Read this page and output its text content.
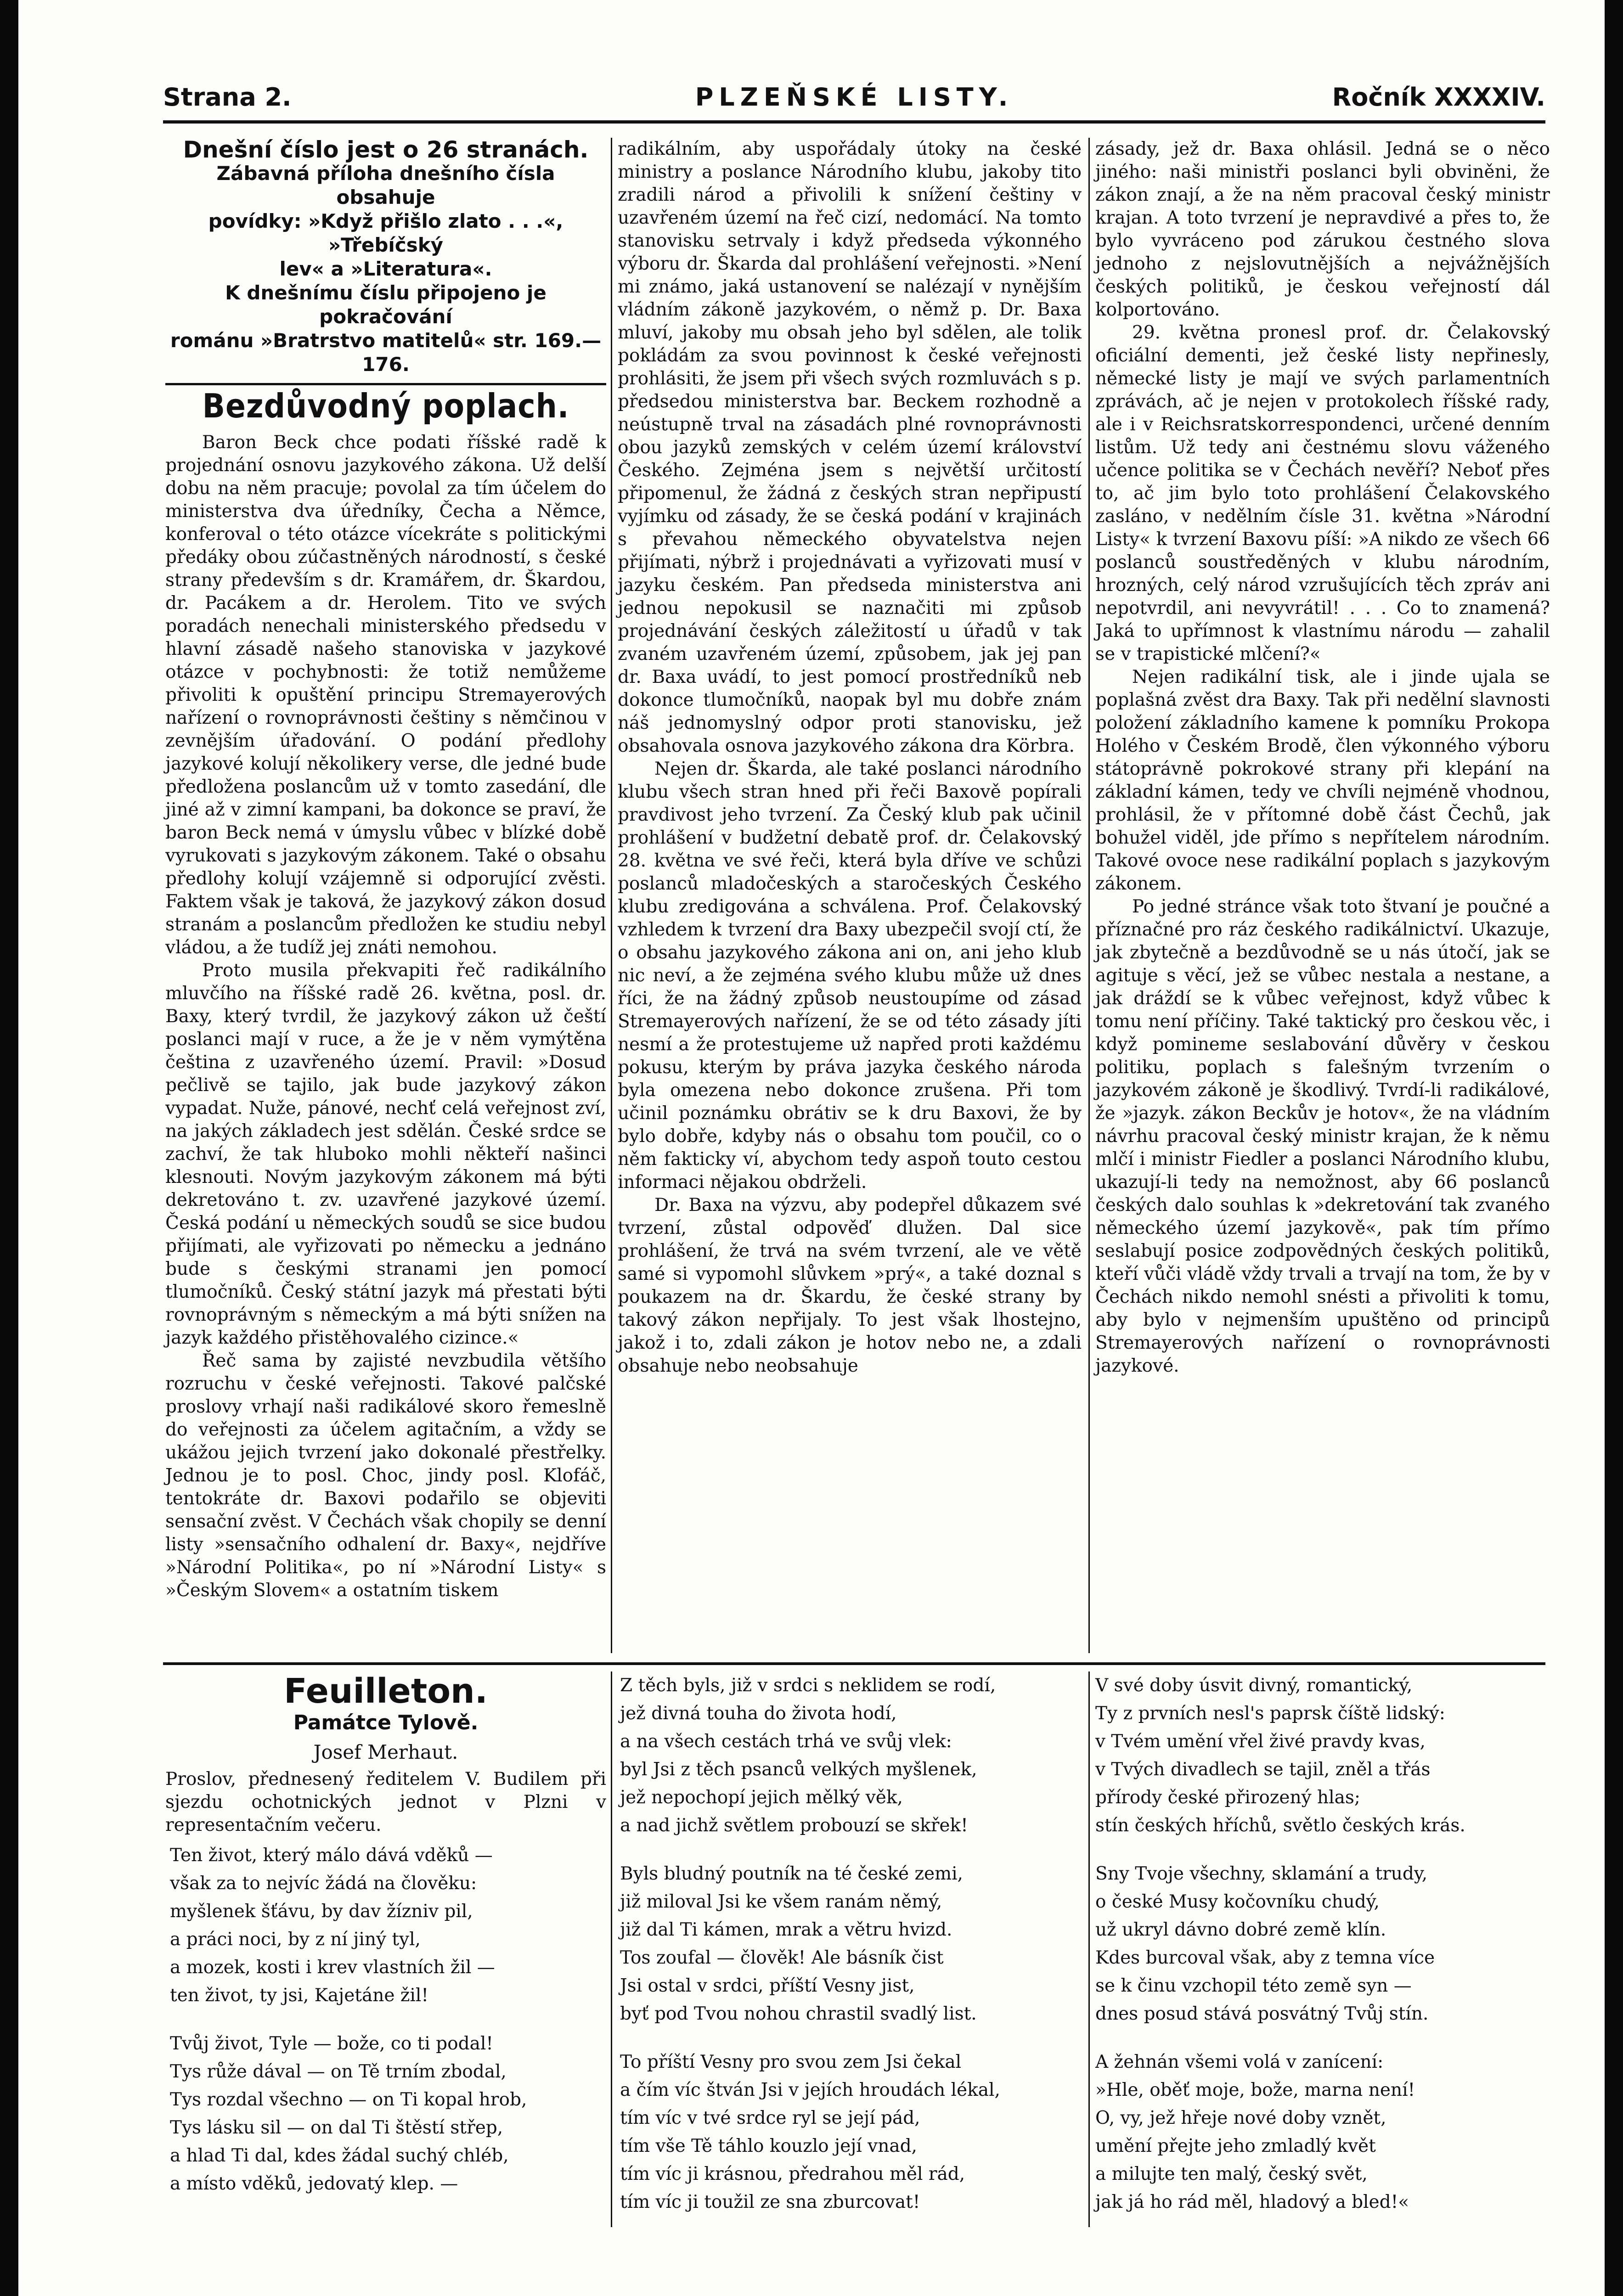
Strana 2.	PLZEŇSKÉ LISTY.	Ročník XXXXIV.
Dnešní číslo jest o 26 stranách.
Zábavná příloha dnešního čísla obsahuje
povídky: »Když přišlo zlato . . .«, »Třebíčský
lev« a »Literatura«.
K dnešnímu číslu připojeno je pokračování
románu »Bratrstvo matitelů« str. 169.—176.
Bezdůvodný poplach.

Baron Beck chce podati říšské radě k projednání osnovu jazykového zákona. Už delší dobu na něm pracuje; povolal za tím účelem do ministerstva dva úředníky, Čecha a Němce, konferoval o této otázce vícekráte s politickými předáky obou zúčastněných národností, s české strany především s dr. Kramářem, dr. Škardou, dr. Pacákem a dr. Herolem. Tito ve svých poradách nenechali ministerského předsedu v hlavní zásadě našeho stanoviska v jazykové otázce v pochybnosti: že totiž nemůžeme přivoliti k opuštění principu Stremayerových nařízení o rovnoprávnosti češtiny s němčinou v zevnějším úřadování. O podání předlohy jazykové kolují několikery verse, dle jedné bude předložena poslancům už v tomto zasedání, dle jiné až v zimní kampani, ba dokonce se praví, že baron Beck nemá v úmyslu vůbec v blízké době vyrukovati s jazykovým zákonem. Také o obsahu předlohy kolují vzájemně si odporující zvěsti. Faktem však je taková, že jazykový zákon dosud stranám a poslancům předložen ke studiu nebyl vládou, a že tudíž jej znáti nemohou.

Proto musila překvapiti řeč radikálního mluvčího na říšské radě 26. května, posl. dr. Baxy, který tvrdil, že jazykový zákon už čeští poslanci mají v ruce, a že je v něm vymýtěna čeština z uzavřeného území. Pravil: »Dosud pečlivě se tajilo, jak bude jazykový zákon vypadat. Nuže, pánové, nechť celá veřejnost zví, na jakých základech jest sdělán. České srdce se zachví, že tak hluboko mohli někteří našinci klesnouti. Novým jazykovým zákonem má býti dekretováno t. zv. uzavřené jazykové území. Česká podání u německých soudů se sice budou přijímati, ale vyřizovati po německu a jednáno bude s českými stranami jen pomocí tlumočníků. Český státní jazyk má přestati býti rovnoprávným s německým a má býti snížen na jazyk každého přistěhovalého cizince.«

Řeč sama by zajisté nevzbudila většího rozruchu v české veřejnosti. Takové palčské proslovy vrhají naši radikálové skoro řemeslně do veřejnosti za účelem agitačním, a vždy se ukážou jejich tvrzení jako dokonalé přestřelky. Jednou je to posl. Choc, jindy posl. Klofáč, tentokráte dr. Baxovi podařilo se objeviti sensační zvěst. V Čechách však chopily se denní listy »sensačního odhalení dr. Baxy«, nejdříve »Národní Politika«, po ní »Národní Listy« s »Českým Slovem« a ostatním tiskem

radikálním, aby uspořádaly útoky na české ministry a poslance Národního klubu, jakoby tito zradili národ a přivolili k snížení češtiny v uzavřeném území na řeč cizí, nedomácí. Na tomto stanovisku setrvaly i když předseda výkonného výboru dr. Škarda dal prohlášení veřejnosti. »Není mi známo, jaká ustanovení se nalézají v nynějším vládním zákoně jazykovém, o němž p. Dr. Baxa mluví, jakoby mu obsah jeho byl sdělen, ale tolik pokládám za svou povinnost k české veřejnosti prohlásiti, že jsem při všech svých rozmluvách s p. předsedou ministerstva bar. Beckem rozhodně a neústupně trval na zásadách plné rovnoprávnosti obou jazyků zemských v celém území království Českého. Zejména jsem s největší určitostí připomenul, že žádná z českých stran nepřipustí vyjímku od zásady, že se česká podání v krajinách s převahou německého obyvatelstva nejen přijímati, nýbrž i projednávati a vyřizovati musí v jazyku českém. Pan předseda ministerstva ani jednou nepokusil se naznačiti mi způsob projednávání českých záležitostí u úřadů v tak zvaném uzavřeném území, způsobem, jak jej pan dr. Baxa uvádí, to jest pomocí prostředníků neb dokonce tlumočníků, naopak byl mu dobře znám náš jednomyslný odpor proti stanovisku, jež obsahovala osnova jazykového zákona dra Körbra.

Nejen dr. Škarda, ale také poslanci národního klubu všech stran hned při řeči Baxově popírali pravdivost jeho tvrzení. Za Český klub pak učinil prohlášení v budžetní debatě prof. dr. Čelakovský 28. května ve své řeči, která byla dříve ve schůzi poslanců mladočeských a staročeských Českého klubu zredigována a schválena. Prof. Čelakovský vzhledem k tvrzení dra Baxy ubezpečil svojí ctí, že o obsahu jazykového zákona ani on, ani jeho klub nic neví, a že zejména svého klubu může už dnes říci, že na žádný způsob neustoupíme od zásad Stremayerových nařízení, že se od této zásady jíti nesmí a že protestujeme už napřed proti každému pokusu, kterým by práva jazyka českého národa byla omezena nebo dokonce zrušena. Při tom učinil poznámku obrátiv se k dru Baxovi, že by bylo dobře, kdyby nás o obsahu tom poučil, co o něm fakticky ví, abychom tedy aspoň touto cestou informaci nějakou obdrželi.

Dr. Baxa na výzvu, aby podepřel důkazem své tvrzení, zůstal odpověď dlužen. Dal sice prohlášení, že trvá na svém tvrzení, ale ve větě samé si vypomohl slůvkem »prý«, a také doznal s poukazem na dr. Škardu, že české strany by takový zákon nepřijaly. To jest však lhostejno, jakož i to, zdali zákon je hotov nebo ne, a zdali obsahuje nebo neobsahuje

zásady, jež dr. Baxa ohlásil. Jedná se o něco jiného: naši ministři poslanci byli obviněni, že zákon znají, a že na něm pracoval český ministr krajan. A toto tvrzení je nepravdivé a přes to, že bylo vyvráceno pod zárukou čestného slova jednoho z nejslovutnějších a nejvážnějších českých politiků, je českou veřejností dál kolportováno.

29. května pronesl prof. dr. Čelakovský oficiální dementi, jež české listy nepřinesly, německé listy je mají ve svých parlamentních zprávách, ač je nejen v protokolech říšské rady, ale i v Reichsratskorrespondenci, určené denním listům. Už tedy ani čestnému slovu váženého učence politika se v Čechách nevěří? Neboť přes to, ač jim bylo toto prohlášení Čelakovského zasláno, v nedělním čísle 31. května »Národní Listy« k tvrzení Baxovu píší: »A nikdo ze všech 66 poslanců soustředěných v klubu národním, hrozných, celý národ vzrušujících těch zpráv ani nepotvrdil, ani nevyvrátil! . . . Co to znamená? Jaká to upřímnost k vlastnímu národu — zahalil se v trapistické mlčení?«

Nejen radikální tisk, ale i jinde ujala se poplašná zvěst dra Baxy. Tak při nedělní slavnosti položení základního kamene k pomníku Prokopa Holého v Českém Brodě, člen výkonného výboru státoprávně pokrokové strany při klepání na základní kámen, tedy ve chvíli nejméně vhodnou, prohlásil, že v přítomné době část Čechů, jak bohužel viděl, jde přímo s nepřítelem národním. Takové ovoce nese radikální poplach s jazykovým zákonem.

Po jedné stránce však toto štvaní je poučné a příznačné pro ráz českého radikálnictví. Ukazuje, jak zbytečně a bezdůvodně se u nás útočí, jak se agituje s věcí, jež se vůbec nestala a nestane, a jak dráždí se k vůbec veřejnost, když vůbec k tomu není příčiny. Také taktický pro českou věc, i když pomineme seslabování důvěry v českou politiku, poplach s falešným tvrzením o jazykovém zákoně je škodlivý. Tvrdí-li radikálové, že »jazyk. zákon Beckův je hotov«, že na vládním návrhu pracoval český ministr krajan, že k němu mlčí i ministr Fiedler a poslanci Národního klubu, ukazují-li tedy na nemožnost, aby 66 poslanců českých dalo souhlas k »dekretování tak zvaného německého území jazykově«, pak tím přímo seslabují posice zodpovědných českých politiků, kteří vůči vládě vždy trvali a trvají na tom, že by v Čechách nikdo nemohl snésti a přivoliti k tomu, aby bylo v nejmenším upuštěno od principů Stremayerových nařízení o rovnoprávnosti jazykové.

Feuilleton.
Památce Tylově.
Josef Merhaut.
Proslov, přednesený ředitelem V. Budilem při sjezdu ochotnických jednot v Plzni v representačním večeru.
Ten život, který málo dává vděků —
však za to nejvíc žádá na člověku:
myšlenek šťávu, by dav žízniv pil,
a práci noci, by z ní jiný tyl,
a mozek, kosti i krev vlastních žil —
ten život, ty jsi, Kajetáne žil!
Tvůj život, Tyle — bože, co ti podal!
Tys růže dával — on Tě trním zbodal,
Tys rozdal všechno — on Ti kopal hrob,
Tys lásku sil — on dal Ti štěstí střep,
a hlad Ti dal, kdes žádal suchý chléb,
a místo vděků, jedovatý klep. —
Z těch byls, již v srdci s neklidem se rodí,
jež divná touha do života hodí,
a na všech cestách trhá ve svůj vlek:
byl Jsi z těch psanců velkých myšlenek,
jež nepochopí jejich mělký věk,
a nad jichž světlem probouzí se skřek!
Byls bludný poutník na té české zemi,
již miloval Jsi ke všem ranám němý,
již dal Ti kámen, mrak a větru hvizd.
Tos zoufal — člověk! Ale básník čist
Jsi ostal v srdci, příští Vesny jist,
byť pod Tvou nohou chrastil svadlý list.
To příští Vesny pro svou zem Jsi čekal
a čím víc štván Jsi v jejích hroudách lékal,
tím víc v tvé srdce ryl se její pád,
tím vše Tě táhlo kouzlo její vnad,
tím víc ji krásnou, předrahou měl rád,
tím víc ji toužil ze sna zburcovat!
V své doby úsvit divný, romantický,
Ty z prvních nesl's paprsk číště lidský:
v Tvém umění vřel živé pravdy kvas,
v Tvých divadlech se tajil, zněl a třás
přírody české přirozený hlas;
stín českých hříchů, světlo českých krás.
Sny Tvoje všechny, sklamání a trudy,
o české Musy kočovníku chudý,
už ukryl dávno dobré země klín.
Kdes burcoval však, aby z temna více
se k činu vzchopil této země syn —
dnes posud stává posvátný Tvůj stín.
A žehnán všemi volá v zanícení:
»Hle, oběť moje, bože, marna není!
O, vy, jež hřeje nové doby vznět,
umění přejte jeho zmladlý květ
a milujte ten malý, český svět,
jak já ho rád měl, hladový a bled!«
